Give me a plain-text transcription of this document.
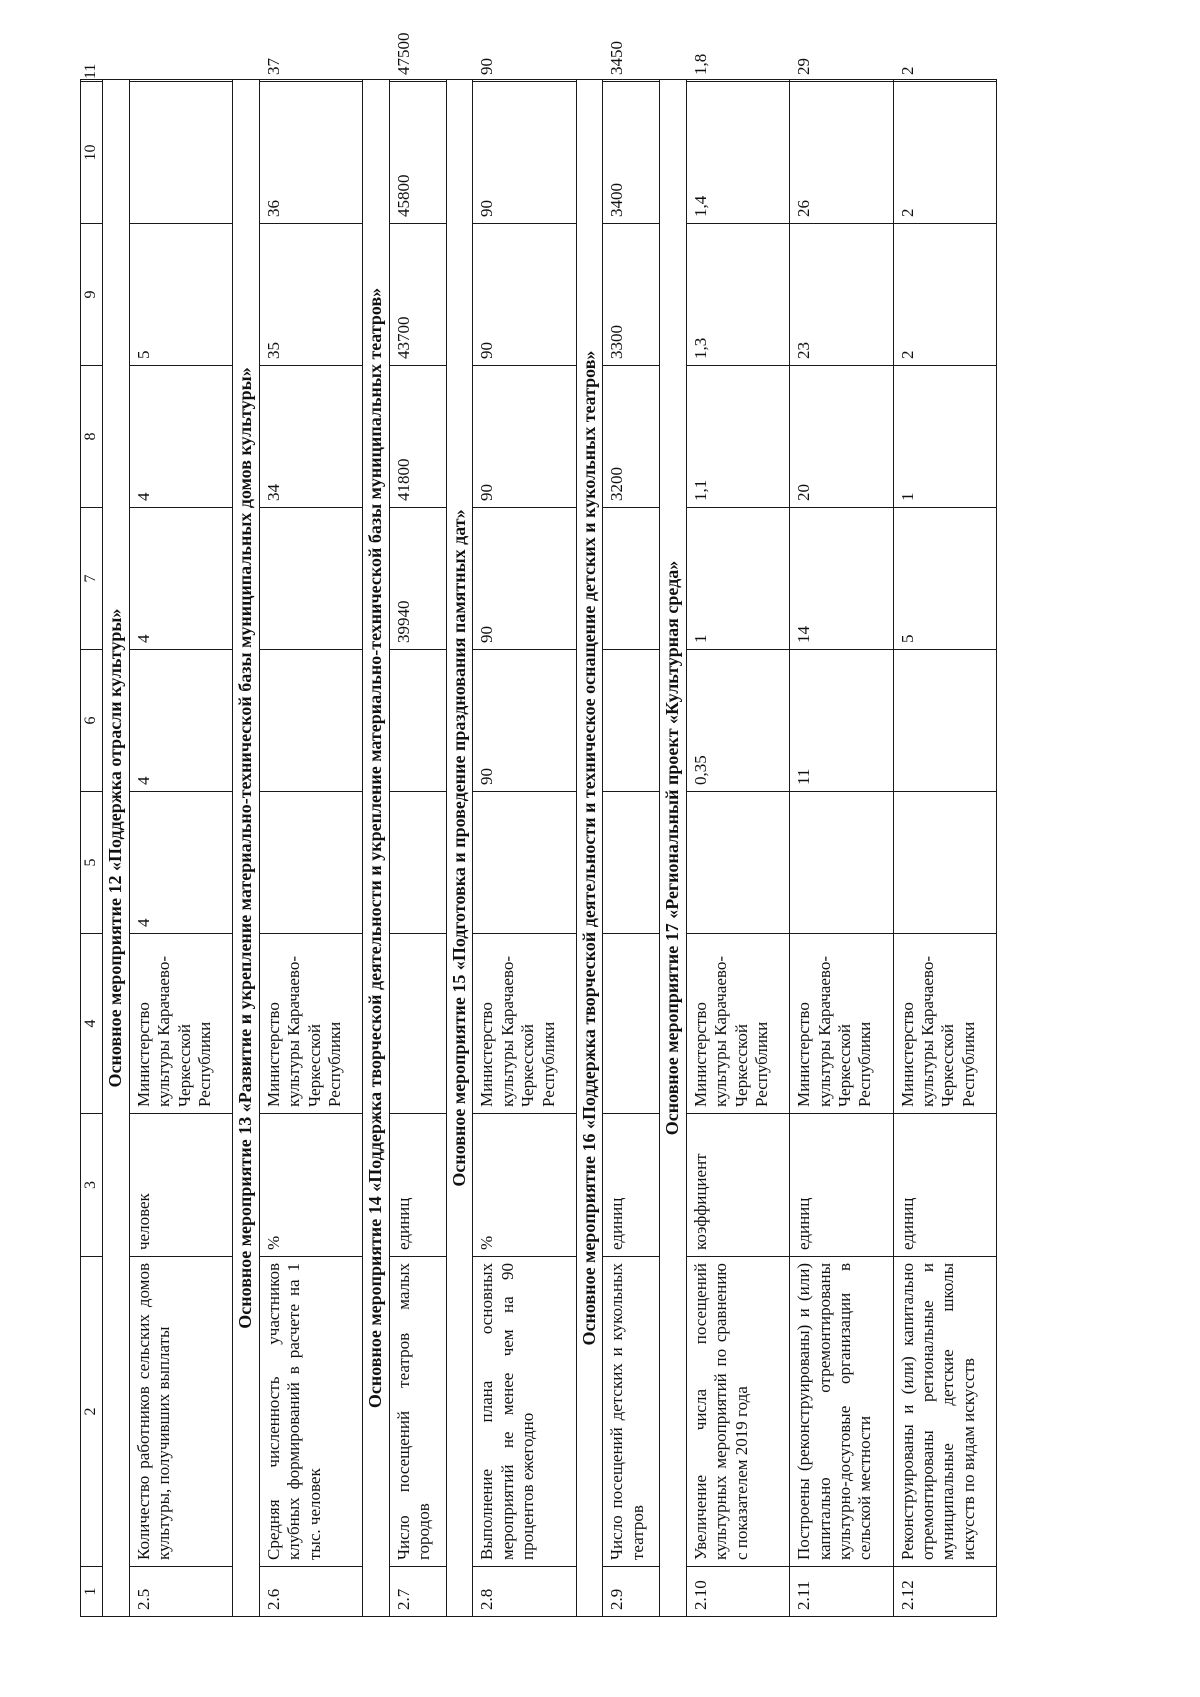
1	2	3	4	5	6	7	8	9	10	11
Основное мероприятие 12 «Поддержка отрасли культуры»										
2.5	Количество работников сельских домов культуры, получивших выплаты	человек	Министерство культуры Карачаево-Черкесской Республики	4	4	4	4	5		
Основное мероприятие 13 «Развитие и укрепление материально-технической базы муниципальных домов культуры»										
2.6	Средняя численность участников клубных формирований в расчете на 1 тыс. человек	%	Министерство культуры Карачаево-Черкесской Республики				34	35	36	37
Основное мероприятие 14 «Поддержка творческой деятельности и укрепление материально-технической базы муниципальных театров»										
2.7	Число посещений театров малых городов	единиц				39940	41800	43700	45800	47500
Основное мероприятие 15 «Подготовка и проведение празднования памятных дат»										
2.8	Выполнение плана основных мероприятий не менее чем на 90 процентов ежегодно	%	Министерство культуры Карачаево-Черкесской Республики		90	90	90	90	90	90
Основное мероприятие 16 «Поддержка творческой деятельности и техническое оснащение детских и кукольных театров»										
2.9	Число посещений детских и кукольных театров	единиц					3200	3300	3400	3450
Основное мероприятие 17 «Региональный проект «Культурная среда»										
2.10	Увеличение числа посещений культурных мероприятий по сравнению с показателем 2019 года	коэффициент	Министерство культуры Карачаево-Черкесской Республики		0,35	1	1,1	1,3	1,4	1,8
2.11	Построены (реконструированы) и (или) капитально отремонтированы культурно-досуговые организации в сельской местности	единиц	Министерство культуры Карачаево-Черкесской Республики		11	14	20	23	26	29
2.12	Реконструированы и (или) капитально отремонтированы региональные и муниципальные детские школы искусств по видам искусств	единиц	Министерство культуры Карачаево-Черкесской Республики			5	1	2	2	2
